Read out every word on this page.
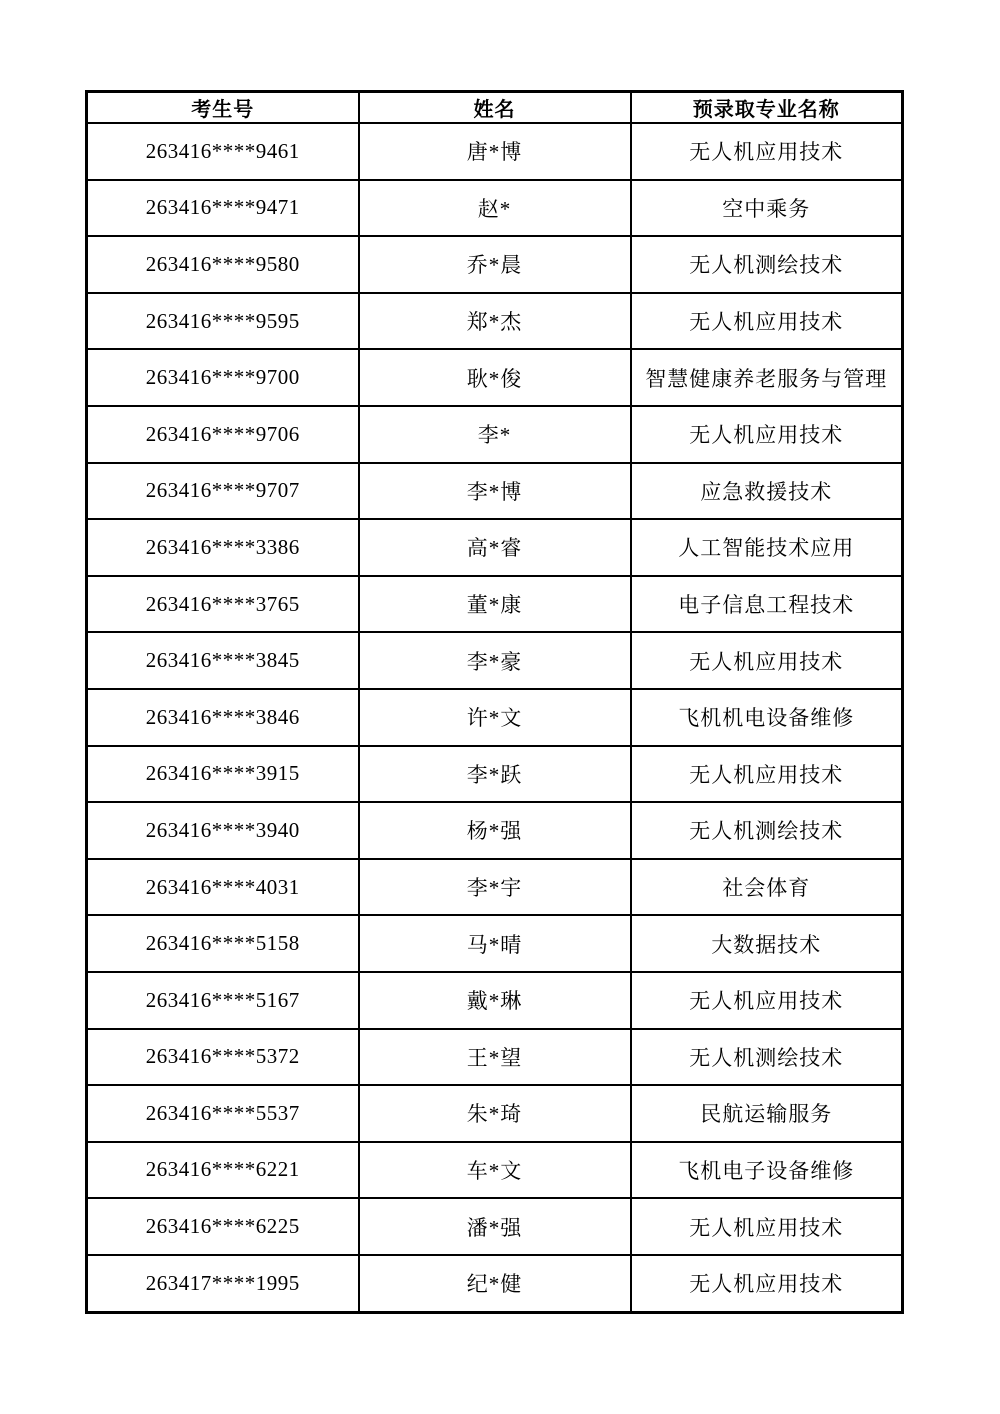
考生号	姓名	预录取专业名称
263416****9461	唐*博	无人机应用技术
263416****9471	赵*	空中乘务
263416****9580	乔*晨	无人机测绘技术
263416****9595	郑*杰	无人机应用技术
263416****9700	耿*俊	智慧健康养老服务与管理
263416****9706	李*	无人机应用技术
263416****9707	李*博	应急救援技术
263416****3386	高*睿	人工智能技术应用
263416****3765	董*康	电子信息工程技术
263416****3845	李*豪	无人机应用技术
263416****3846	许*文	飞机机电设备维修
263416****3915	李*跃	无人机应用技术
263416****3940	杨*强	无人机测绘技术
263416****4031	李*宇	社会体育
263416****5158	马*晴	大数据技术
263416****5167	戴*琳	无人机应用技术
263416****5372	王*望	无人机测绘技术
263416****5537	朱*琦	民航运输服务
263416****6221	车*文	飞机电子设备维修
263416****6225	潘*强	无人机应用技术
263417****1995	纪*健	无人机应用技术
